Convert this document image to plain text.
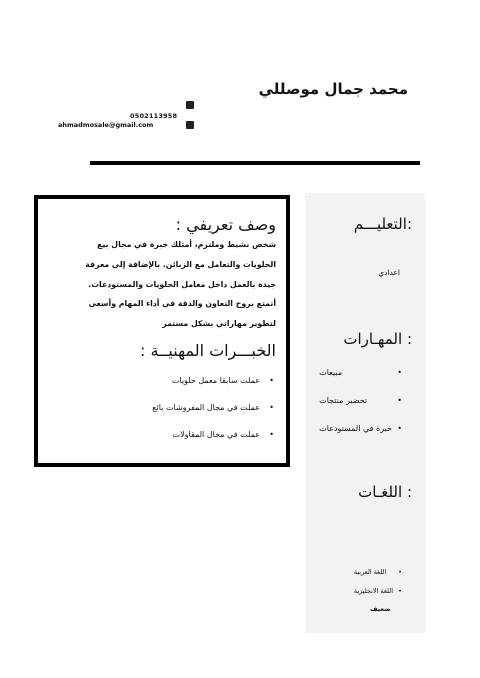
محمد جمال موصللي
0502113958
ahmadmosale@gmail.com
التعليـــم:
اعدادي
المهـارات :
• مبيعات
• تحضير منتجات
• خبرة في المستودعات
اللغـات :
• اللغة العربية
• اللغة الانجليزية
ضعيف
وصف تعريفي :
شخص نشيط وملتزم، أمتلك خبرة في مجال بيع
الحلويات والتعامل مع الزبائن. بالإضافة إلى معرفة
جيدة بالعمل داخل معامل الحلويات والمستودعات.
أتمتع بروح التعاون والدقة في أداء المهام وأسعى
لتطوير مهاراتي بشكل مستمر
الخبـــرات المهنيــة :
• عملت سابقا معمل حلويات
• عملت في مجال المفروشات بائع
• عملت في مجال المقاولات
